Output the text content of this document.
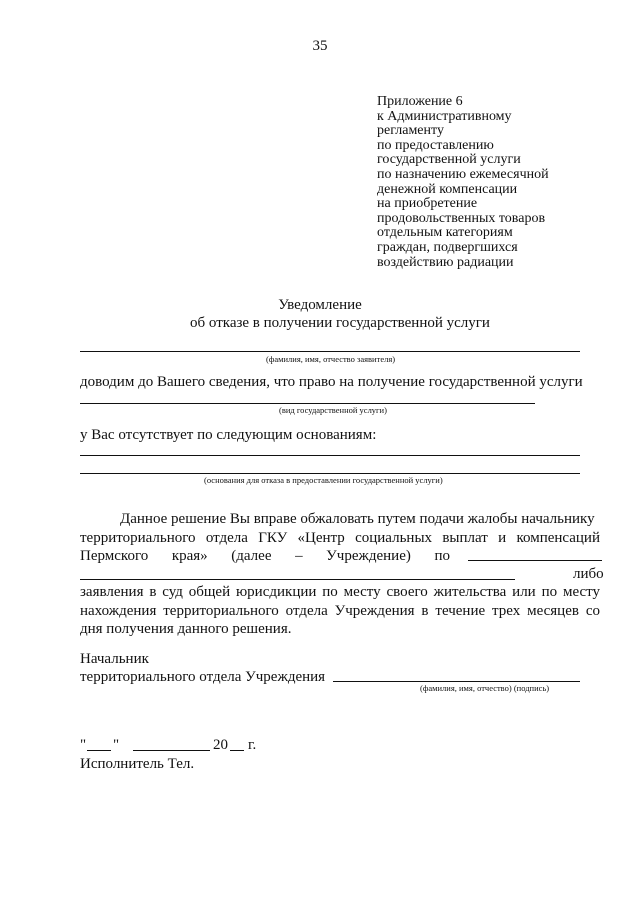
35
Приложение 6
к Административному
регламенту
по предоставлению
государственной услуги
по назначению ежемесячной
денежной компенсации
на приобретение
продовольственных товаров
отдельным категориям
граждан, подвергшихся
воздействию радиации
Уведомление
об отказе в получении государственной услуги
(фамилия, имя, отчество заявителя)
доводим до Вашего сведения, что право на получение государственной услуги
(вид государственной услуги)
у Вас отсутствует по следующим основаниям:
(основания для отказа в предоставлении государственной услуги)
Данное решение Вы вправе обжаловать путем подачи жалобы начальнику
территориального отдела ГКУ «Центр социальных выплат и компенсаций
Пермского края» (далее – Учреждение) по
либо
заявления в суд общей юрисдикции по месту своего жительства или по месту
нахождения территориального отдела Учреждения в течение трех месяцев со
дня получения данного решения.
Начальник
территориального отдела Учреждения
(фамилия, имя, отчество) (подпись)
" "	20 г.
Исполнитель Тел.
